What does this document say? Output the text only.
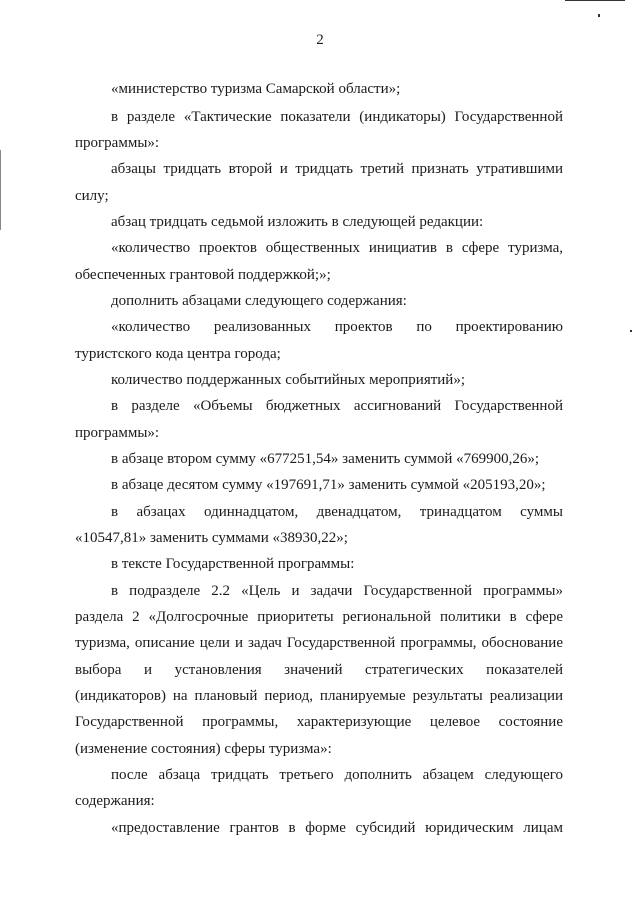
2
«министерство туризма Самарской области»;
в разделе «Тактические показатели (индикаторы) Государственной
программы»:
абзацы тридцать второй и тридцать третий признать утратившими
силу;
абзац тридцать седьмой изложить в следующей редакции:
«количество проектов общественных инициатив в сфере туризма,
обеспеченных грантовой поддержкой;»;
дополнить абзацами следующего содержания:
«количество реализованных проектов по проектированию
туристского кода центра города;
количество поддержанных событийных мероприятий»;
в разделе «Объемы бюджетных ассигнований Государственной
программы»:
в абзаце втором сумму «677251,54» заменить суммой «769900,26»;
в абзаце десятом сумму «197691,71» заменить суммой «205193,20»;
в абзацах одиннадцатом, двенадцатом, тринадцатом суммы
«10547,81» заменить суммами «38930,22»;
в тексте Государственной программы:
в подразделе 2.2 «Цель и задачи Государственной программы»
раздела 2 «Долгосрочные приоритеты региональной политики в сфере
туризма, описание цели и задач Государственной программы, обоснование
выбора и установления значений стратегических показателей
(индикаторов) на плановый период, планируемые результаты реализации
Государственной программы, характеризующие целевое состояние
(изменение состояния) сферы туризма»:
после абзаца тридцать третьего дополнить абзацем следующего
содержания:
«предоставление грантов в форме субсидий юридическим лицам
